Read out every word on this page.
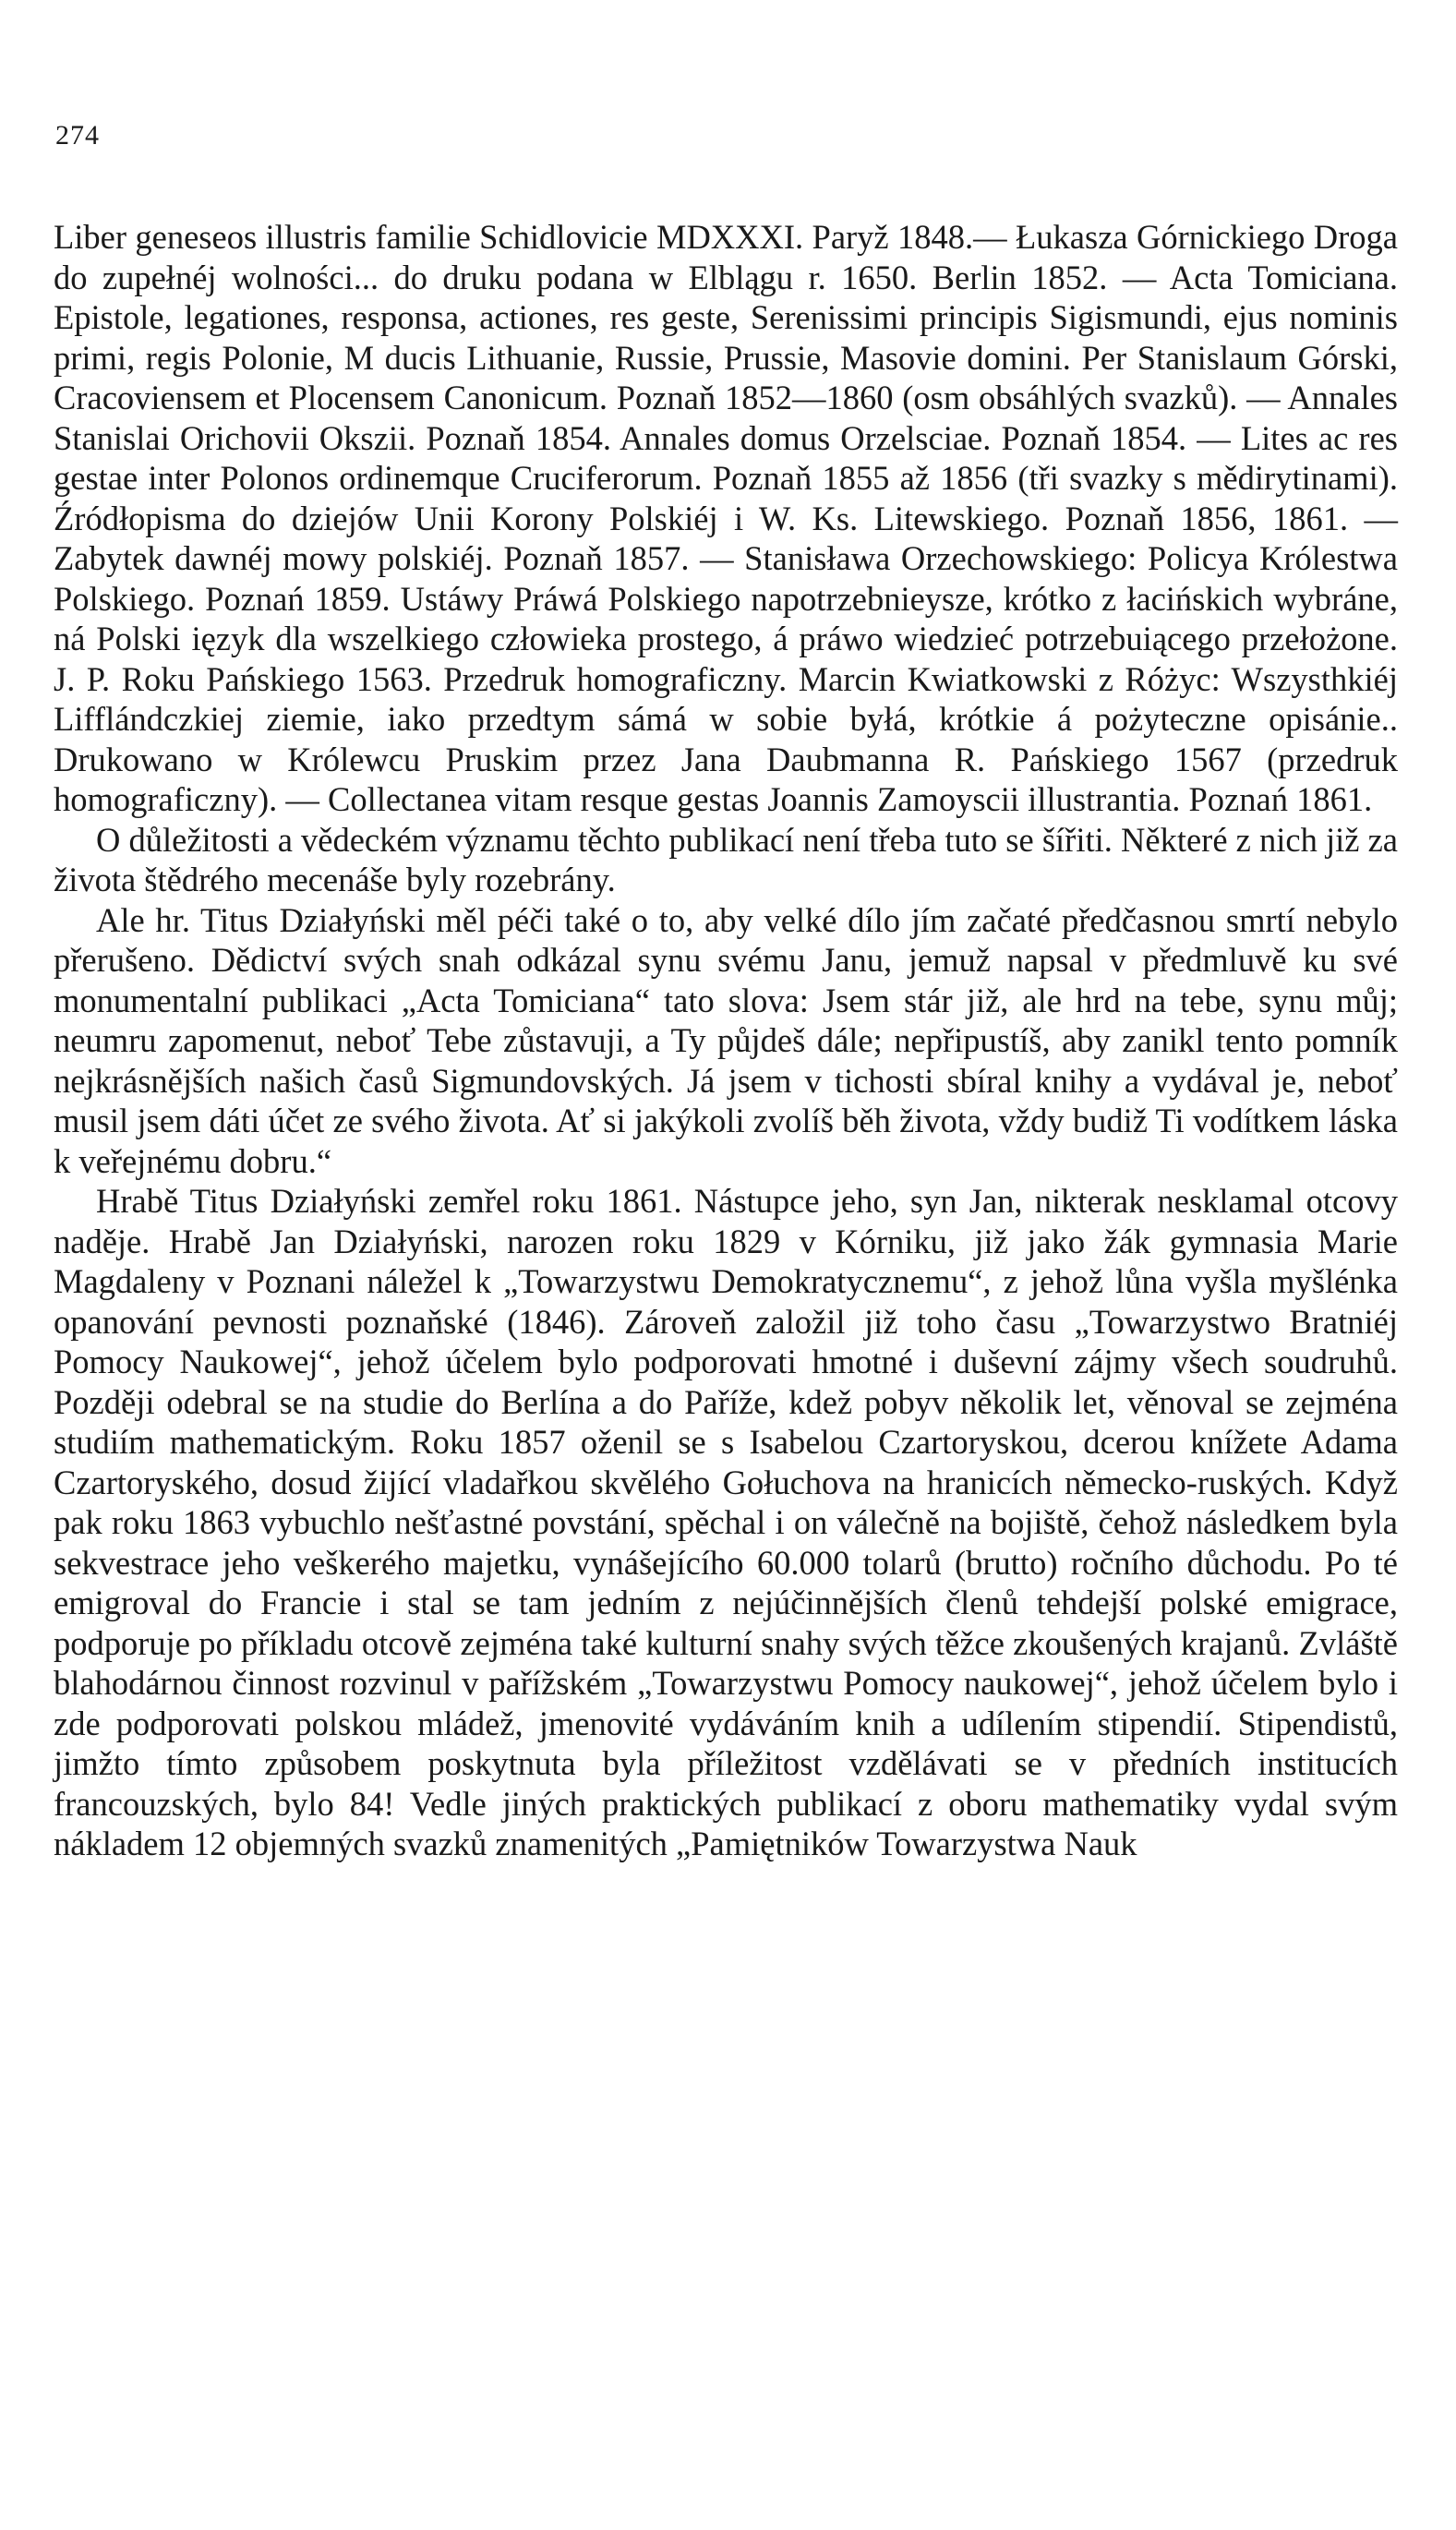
274

Liber geneseos illustris familie Schidlovicie MDXXXI. Paryž 1848.— Łukasza Górnickiego Droga do zupełnéj wolności... do druku podana w Elblągu r. 1650. Berlin 1852. — Acta Tomiciana. Epistole, legationes, responsa, actiones, res geste, Serenissimi principis Sigismundi, ejus nominis primi, regis Polonie, M ducis Lithuanie, Russie, Prussie, Masovie domini. Per Stanislaum Górski, Cracoviensem et Plocensem Canonicum. Poznaň 1852—1860 (osm obsáhlých svazků). — Annales Stanislai Orichovii Okszii. Poznaň 1854. Annales domus Orzelsciae. Poznaň 1854. — Lites ac res gestae inter Polonos ordinemque Cruciferorum. Poznaň 1855 až 1856 (tři svazky s mědirytinami). Źródłopisma do dziejów Unii Korony Polskiéj i W. Ks. Litewskiego. Poznaň 1856, 1861. — Zabytek dawnéj mowy polskiéj. Poznaň 1857. — Stanisława Orzechowskiego: Policya Królestwa Polskiego. Poznań 1859. Ustáwy Práwá Polskiego napotrzebnieysze, krótko z łacińskich wybráne, ná Polski ięzyk dla wszelkiego człowieka prostego, á práwo wiedzieć potrzebuiącego przełożone. J. P. Roku Pańskiego 1563. Przedruk homograficzny. Marcin Kwiatkowski z Różyc: Wszysthkiéj Lifflándczkiej ziemie, iako przedtym sámá w sobie byłá, krótkie á pożyteczne opisánie.. Drukowano w Królewcu Pruskim przez Jana Daubmanna R. Pańskiego 1567 (przedruk homograficzny). — Collectanea vitam resque gestas Joannis Zamoyscii illustrantia. Poznań 1861.

O důležitosti a vědeckém významu těchto publikací není třeba tuto se šířiti. Některé z nich již za života štědrého mecenáše byly rozebrány.

Ale hr. Titus Działyński měl péči také o to, aby velké dílo jím začaté předčasnou smrtí nebylo přerušeno. Dědictví svých snah odkázal synu svému Janu, jemuž napsal v předmluvě ku své monumentalní publikaci „Acta Tomiciana“ tato slova: Jsem stár již, ale hrd na tebe, synu můj; neumru zapomenut, neboť Tebe zůstavuji, a Ty půjdeš dále; nepřipustíš, aby zanikl tento pomník nejkrásnějších našich časů Sigmundovských. Já jsem v tichosti sbíral knihy a vydával je, neboť musil jsem dáti účet ze svého života. Ať si jakýkoli zvolíš běh života, vždy budiž Ti vodítkem láska k veřejnému dobru.“

Hrabě Titus Działyński zemřel roku 1861. Nástupce jeho, syn Jan, nikterak nesklamal otcovy naděje. Hrabě Jan Działyński, narozen roku 1829 v Kórniku, již jako žák gymnasia Marie Magdaleny v Poznani náležel k „Towarzystwu Demokratycznemu“, z jehož lůna vyšla myšlénka opanování pevnosti poznaňské (1846). Zároveň založil již toho času „Towarzystwo Bratniéj Pomocy Naukowej“, jehož účelem bylo podporovati hmotné i duševní zájmy všech soudruhů. Později odebral se na studie do Berlína a do Paříže, kdež pobyv několik let, věnoval se zejména studiím mathematickým. Roku 1857 oženil se s Isabelou Czartoryskou, dcerou knížete Adama Czartoryského, dosud žijící vladařkou skvělého Gołuchova na hranicích německo-ruských. Když pak roku 1863 vybuchlo nešťastné povstání, spěchal i on válečně na bojiště, čehož následkem byla sekvestrace jeho veškerého majetku, vynášejícího 60.000 tolarů (brutto) ročního důchodu. Po té emigroval do Francie i stal se tam jedním z nejúčinnějších členů tehdejší polské emigrace, podporuje po příkladu otcově zejména také kulturní snahy svých těžce zkoušených krajanů. Zvláště blahodárnou činnost rozvinul v pařížském „Towarzystwu Pomocy naukowej“, jehož účelem bylo i zde podporovati polskou mládež, jmenovité vydáváním knih a udílením stipendií. Stipendistů, jimžto tímto způsobem poskytnuta byla příležitost vzdělávati se v předních institucích francouzských, bylo 84! Vedle jiných praktických publikací z oboru mathematiky vydal svým nákladem 12 objemných svazků znamenitých „Pamiętników Towarzystwa Nauk
